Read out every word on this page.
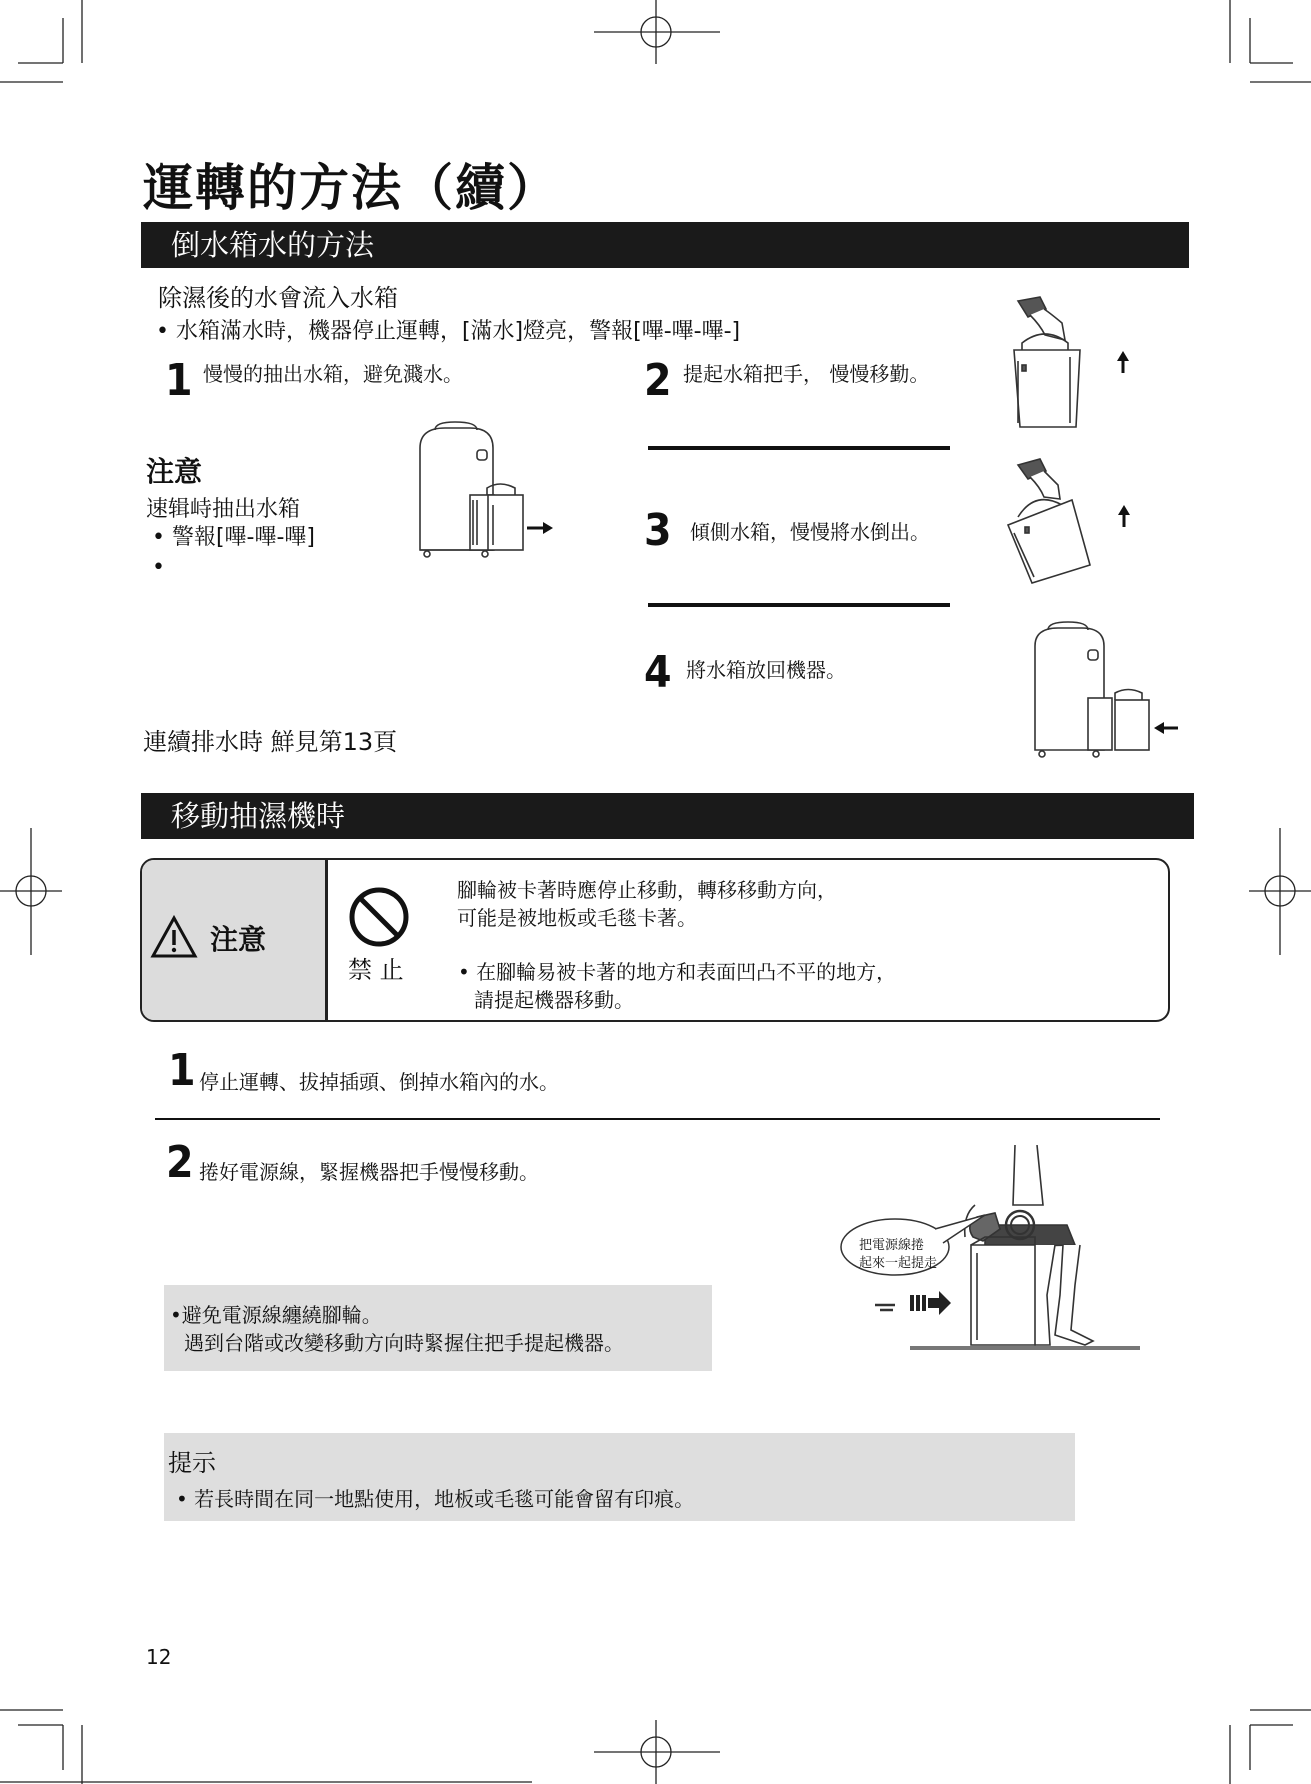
運轉的方法（續）
倒水箱水的方法
除濕後的水會流入水箱
• 水箱滿水時，機器停止運轉，[滿水]燈亮，警報[嗶-嗶-嗶-]
1 慢慢的抽出水箱，避免濺水。
注意
速辑峙抽出水箱
• 警報[嗶-嗶-嗶]
•
2 提起水箱把手， 慢慢移勤。
3 傾側水箱，慢慢將水倒出。
4 將水箱放回機器。
連續排水時 鮮見第13頁
移動抽濕機時
注意
禁 止
腳輪被卡著時應停止移動，轉移移動方向，
可能是被地板或毛毯卡著。
• 在腳輪易被卡著的地方和表面凹凸不平的地方，
請提起機器移動。
1 停止運轉、拔掉插頭、倒掉水箱內的水。
2 捲好電源線，緊握機器把手慢慢移動。
•避免電源線纏繞腳輪。
遇到台階或改變移動方向時緊握住把手提起機器。
把電源線捲
起來一起提走
提示
• 若長時間在同一地點使用，地板或毛毯可能會留有印痕。
12
